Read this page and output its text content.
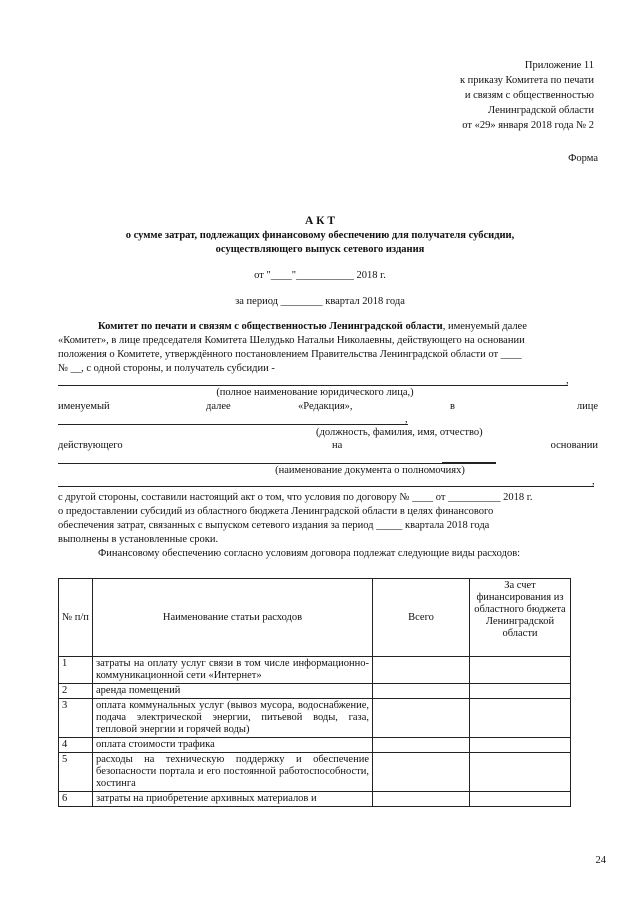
Приложение 11
к приказу Комитета по печати
и связям с общественностью
Ленинградской области
от «29» января 2018 года № 2
Форма
А К Т
о сумме затрат, подлежащих финансовому обеспечению для получателя субсидии,
осуществляющего выпуск сетевого издания
от "____"___________ 2018 г.
за период ________ квартал 2018 года
Комитет по печати и связям с общественностью Ленинградской области, именуемый далее
«Комитет», в лице председателя Комитета Шелудько Натальи Николаевны, действующего на основании
положения о Комитете, утверждённого постановлением Правительства Ленинградской области от ____
№ __, с одной стороны, и получатель субсидии -
,
(полное наименование юридического лица,)
именуемый	далее	«Редакция»,	в	лице
,
(должность, фамилия, имя, отчество)
действующего	на	основании
(наименование документа о полномочиях)
,
с другой стороны, составили настоящий акт о том, что условия по договору № ____ от __________ 2018 г.
о предоставлении субсидий из областного бюджета Ленинградской области в целях финансового
обеспечения затрат, связанных с выпуском сетевого издания за период _____ квартала 2018 года
выполнены в установленные сроки.
Финансовому обеспечению согласно условиям договора подлежат следующие виды расходов:
№ п/п	Наименование статьи расходов	Всего	За счет финансирования из областного бюджета Ленинградской области
1	затраты на оплату услуг связи в том числе информационно-коммуникационной сети «Интернет»		
2	аренда помещений		
3	оплата коммунальных услуг (вывоз мусора, водоснабжение, подача электрической энергии, питьевой воды, газа, тепловой энергии и горячей воды)		
4	оплата стоимости трафика		
5	расходы на техническую поддержку и обеспечение безопасности портала и его постоянной работоспособности, хостинга		
6	затраты на приобретение архивных материалов и		
24
